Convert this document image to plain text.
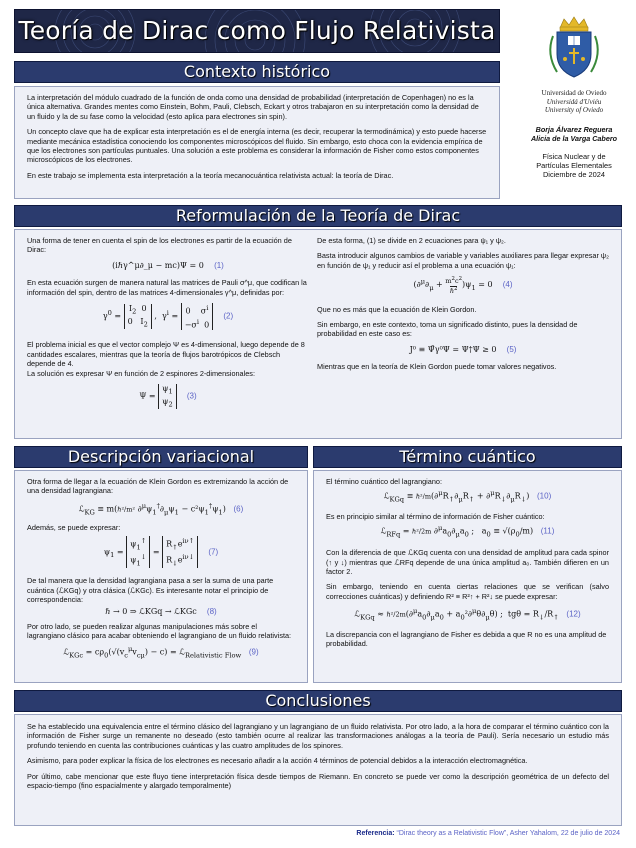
Teoría de Dirac como Flujo Relativista
Universidad de Oviedo
Universidá d'Uviéu
University of Oviedo
Borja Álvarez Reguera
Alicia de la Varga Cabero
Física Nuclear y de
Partículas Elementales
Diciembre de 2024
Contexto histórico

La interpretación del módulo cuadrado de la función de onda como una densidad de probabilidad (interpretación de Copenhagen) no es la única alternativa. Grandes mentes como Einstein, Bohm, Pauli, Clebsch, Eckart y otros trabajaron en su interpretación como la densidad de un fluido y la de su fase como la velocidad (esto aplica para electrones sin spin).

Un concepto clave que ha de explicar esta interpretación es el de energía interna (es decir, recuperar la termodinámica) y esto puede hacerse mediante mecánica estadística conociendo los componentes microscópicos del fluido. Sin embargo, esto choca con la evidencia empírica de que los electrones son partículas puntuales. Una solución a este problema es considerar la información de Fisher como estos componentes microscópicos de los electrones.

En este trabajo se implementa esta interpretación a la teoría mecanocuántica relativista actual: la teoría de Dirac.

Reformulación de la Teoría de Dirac

Una forma de tener en cuenta el spin de los electrones es partir de la ecuación de Dirac:

(iℏγ^μ∂_μ − mc)Ψ = 0 (1)

En esta ecuación surgen de manera natural las matrices de Pauli σ^μ, que codifican la información del spin, dentro de las matrices 4-dimensionales γ^μ, definidas por:

$\gamma^0 = I_2$  0
0   $I_2$ ,  $\gamma^i = 0$    $\sigma^i$
$-\sigma^i$  0    (2)

El problema inicial es que el vector complejo Ψ es 4-dimensional, luego depende de 8 cantidades escalares, mientras que la teoría de flujos barotrópicos de Clebsch depende de 4.

La solución es expresar Ψ en función de 2 espinores 2-dimensionales:

$\Psi = \psi_1$
$\psi_2$    (3)

De esta forma, (1) se divide en 2 ecuaciones para ψ₁ y ψ₂.

Basta introducir algunos cambios de variable y variables auxiliares para llegar expresar ψ₂ en función de ψ₁ y reducir así el problema a una ecuación ψ₁:

($\partial^\mu\partial_\mu + m^2c^2$
ℏ$^2$ )$\psi_1 = 0$    (4)

Que no es más que la ecuación de Klein Gordon.

Sin embargo, en este contexto, toma un significado distinto, pues la densidad de probabilidad en este caso es:

J⁰ ≡ Ψ̄γ⁰Ψ = Ψ†Ψ ≥ 0 (5)

Mientras que en la teoría de Klein Gordon puede tomar valores negativos.

Descripción variacional

Otra forma de llegar a la ecuación de Klein Gordon es extremizando la acción de una densidad lagrangiana:

ℒ$_{KG}$ ≡ m(ℏ²/m² $\partial^\mu\psi_1^\dagger\partial_\mu\psi_1 - c^2\psi_1^\dagger\psi_1$)   (6)

Además, se puede expresar:

$\psi_1 = \psi_1^↑$
$\psi_1^↓ = R_↑e^{i\nu↑}$
$R_↓e^{i\nu↓}$    (7)

De tal manera que la densidad lagrangiana pasa a ser la suma de una parte cuántica (ℒKGq) y otra clásica (ℒKGc). Es interesante notar el principio de correspondencia:

ℏ → 0 ⇒ ℒKGq → ℒKGc (8)

Por otro lado, se pueden realizar algunas manipulaciones más sobre el lagrangiano clásico para acabar obteniendo el lagrangiano de un fluido relativista:

ℒ$_{KGc}$ = $c\rho_0(√(v_c^\mu v_{c\mu}) - c)$ = ℒ$_{Relativistic Flow}$ (9)
Término cuántico

El término cuántico del lagrangiano:

ℒ$_{KGq}$ ≡ $\hbar^2/m(\partial^\mu R_↑\partial_\mu R_↑ + \partial^\mu R_↓\partial_\mu R_↓)$   (10)

Es en principio similar al término de información de Fisher cuántico:

ℒ$_{RFq}$ = ℏ²/2m $\partial^\mu a_0\partial_\mu a_0$ ;   $a_0 \equiv √(\rho_0/m)$   (11)

Con la diferencia de que ℒKGq cuenta con una densidad de amplitud para cada spinor (↑ y ↓) mientras que ℒRFq depende de una única amplitud a₀. También difieren en un factor 2.

Sin embargo, teniendo en cuenta ciertas relaciones que se verifican (salvo correcciones cuánticas) y definiendo R² ≡ R²↑ + R²↓ se puede expresar:

ℒ$_{KGq}$ ≈ $\hbar^2/2m(\partial^\mu a_0\partial_\mu a_0 + a_0^2\partial^\mu\theta\partial_\mu\theta)$ ;  $tg\theta = R_↓/R_↑$ (12)

La discrepancia con el lagrangiano de Fisher es debida a que R no es una amplitud de probabilidad.

Conclusiones

Se ha establecido una equivalencia entre el término clásico del lagrangiano y un lagrangiano de un fluido relativista. Por otro lado, a la hora de comparar el término cuántico con la información de Fisher surge un remanente no deseado (esto también ocurre al realizar las transformaciones análogas a la teoría de Pauli). Sería necesario un estudio más profundo teniendo en cuenta las contribuciones cuánticas y las cuatro amplitudes de los spinores.

Asimismo, para poder explicar la física de los electrones es necesario añadir a la acción 4 términos de potencial debidos a la interacción electromagnética.

Por último, cabe mencionar que este fluyo tiene interpretación física desde tiempos de Riemann. En concreto se puede ver como la descripción geométrica de un defecto del espacio-tiempo (fino espacialmente y alargado temporalmente)

Referencia: “Dirac theory as a Relativistic Flow”, Asher Yahalom, 22 de julio de 2024
